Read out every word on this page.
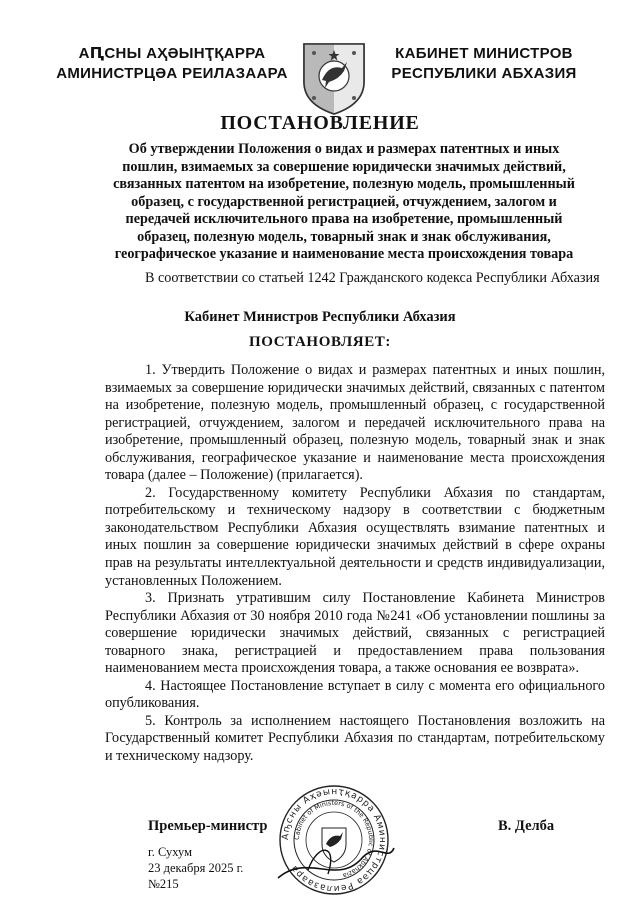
АԤСНЫ АҲӘЫНҬҚАРРА
АМИНИСТРЦӘА РЕИЛАЗААРА
КАБИНЕТ МИНИСТРОВ
РЕСПУБЛИКИ АБХАЗИЯ
ПОСТАНОВЛЕНИЕ
Об утверждении Положения о видах и размерах патентных и иных
пошлин, взимаемых за совершение юридически значимых действий,
связанных патентом на изобретение, полезную модель, промышленный
образец, с государственной регистрацией, отчуждением, залогом и
передачей исключительного права на изобретение, промышленный
образец, полезную модель, товарный знак и знак обслуживания,
географическое указание и наименование места происхождения товара

В соответствии со статьей 1242 Гражданского кодекса Республики Абхазия

Кабинет Министров Республики Абхазия
ПОСТАНОВЛЯЕТ:

1. Утвердить Положение о видах и размерах патентных и иных пошлин, взимаемых за совершение юридически значимых действий, связанных с патентом на изобретение, полезную модель, промышленный образец, с государственной регистрацией, отчуждением, залогом и передачей исключительного права на изобретение, промышленный образец, полезную модель, товарный знак и знак обслуживания, географическое указание и наименование места происхождения товара (далее – Положение) (прилагается).

2. Государственному комитету Республики Абхазия по стандартам, потребительскому и техническому надзору в соответствии с бюджетным законодательством Республики Абхазия осуществлять взимание патентных и иных пошлин за совершение юридически значимых действий в сфере охраны прав на результаты интеллектуальной деятельности и средств индивидуализации, установленных Положением.

3. Признать утратившим силу Постановление Кабинета Министров Республики Абхазия от 30 ноября 2010 года №241 «Об установлении пошлины за совершение юридически значимых действий, связанных с регистрацией товарного знака, регистрацией и предоставлением права пользования наименованием места происхождения товара, а также основания ее возврата».

4. Настоящее Постановление вступает в силу с момента его официального опубликования.

5. Контроль за исполнением настоящего Постановления возложить на Государственный комитет Республики Абхазия по стандартам, потребительскому и техническому надзору.

Аҧсны Аҳәынҭқарра Аминистрцәа Реилазаара
Cabinet of Ministers of the Republic of Abkhazia
Премьер-министр	В. Делба
г. Сухум
23 декабря 2025 г.
№215
